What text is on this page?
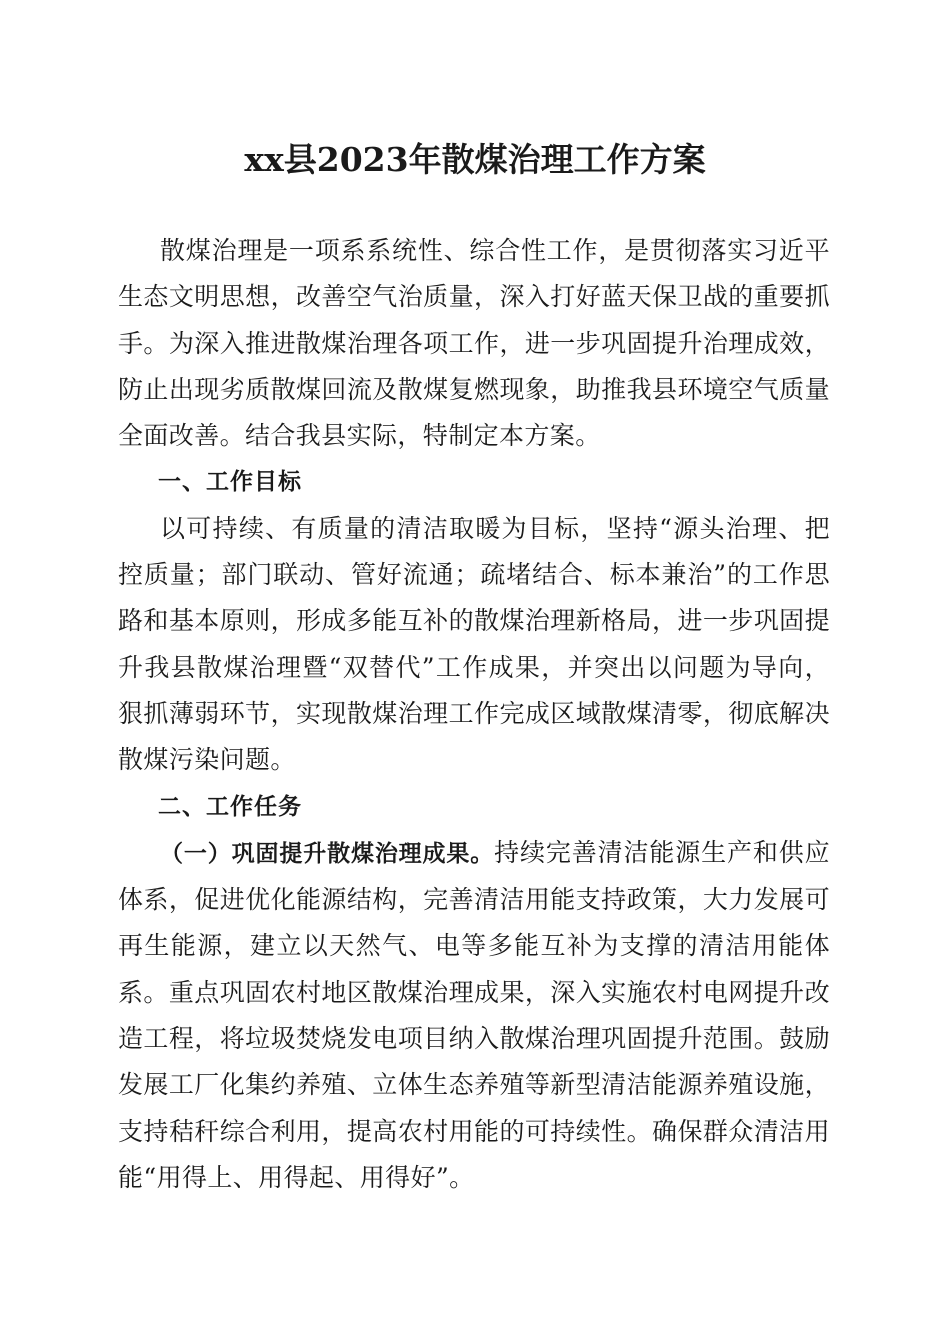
xx县2023年散煤治理工作方案

散煤治理是一项系系统性、综合性工作，是贯彻落实习近平生态文明思想，改善空气治质量，深入打好蓝天保卫战的重要抓手。为深入推进散煤治理各项工作，进一步巩固提升治理成效，防止出现劣质散煤回流及散煤复燃现象，助推我县环境空气质量全面改善。结合我县实际，特制定本方案。

一、工作目标

以可持续、有质量的清洁取暖为目标，坚持“源头治理、把控质量；部门联动、管好流通；疏堵结合、标本兼治”的工作思路和基本原则，形成多能互补的散煤治理新格局，进一步巩固提升我县散煤治理暨“双替代”工作成果，并突出以问题为导向，狠抓薄弱环节，实现散煤治理工作完成区域散煤清零，彻底解决散煤污染问题。

二、工作任务

（一）巩固提升散煤治理成果。持续完善清洁能源生产和供应体系，促进优化能源结构，完善清洁用能支持政策，大力发展可再生能源，建立以天然气、电等多能互补为支撑的清洁用能体系。重点巩固农村地区散煤治理成果，深入实施农村电网提升改造工程，将垃圾焚烧发电项目纳入散煤治理巩固提升范围。鼓励发展工厂化集约养殖、立体生态养殖等新型清洁能源养殖设施，支持秸秆综合利用，提高农村用能的可持续性。确保群众清洁用能“用得上、用得起、用得好”。
